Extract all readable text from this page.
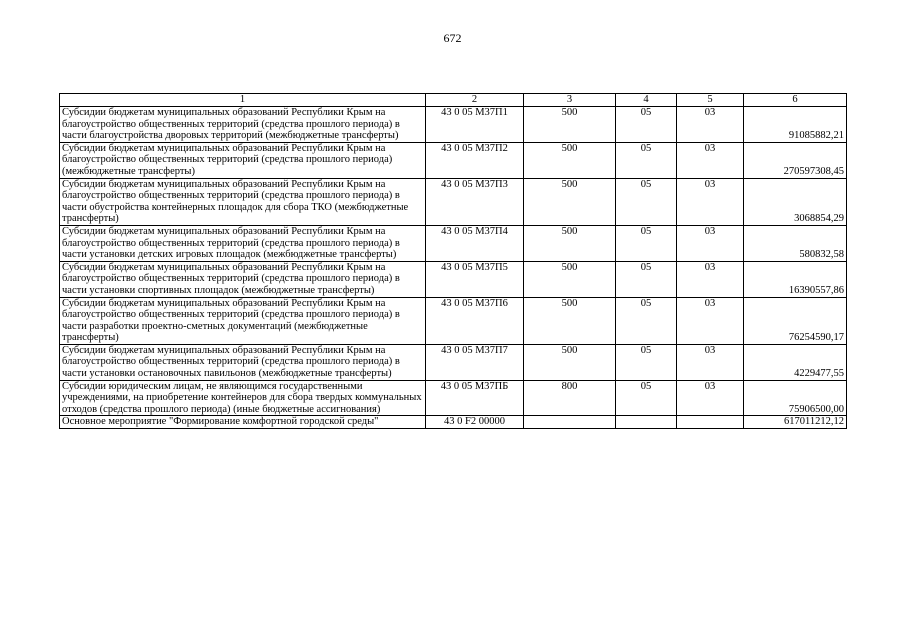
672
1	2	3	4	5	6
Субсидии бюджетам муниципальных образований Республики Крым на благоустройство общественных территорий (средства прошлого периода) в части благоустройства дворовых территорий (межбюджетные трансферты)	43 0 05 М37П1	500	05	03	91085882,21
Субсидии бюджетам муниципальных образований Республики Крым на благоустройство общественных территорий (средства прошлого периода) (межбюджетные трансферты)	43 0 05 М37П2	500	05	03	270597308,45
Субсидии бюджетам муниципальных образований Республики Крым на благоустройство общественных территорий (средства прошлого периода) в части обустройства контейнерных площадок для сбора ТКО (межбюджетные трансферты)	43 0 05 М37П3	500	05	03	3068854,29
Субсидии бюджетам муниципальных образований Республики Крым на благоустройство общественных территорий (средства прошлого периода) в части установки детских игровых площадок (межбюджетные трансферты)	43 0 05 М37П4	500	05	03	580832,58
Субсидии бюджетам муниципальных образований Республики Крым на благоустройство общественных территорий (средства прошлого периода) в части установки спортивных площадок (межбюджетные трансферты)	43 0 05 М37П5	500	05	03	16390557,86
Субсидии бюджетам муниципальных образований Республики Крым на благоустройство общественных территорий (средства прошлого периода) в части разработки проектно-сметных документаций (межбюджетные трансферты)	43 0 05 М37П6	500	05	03	76254590,17
Субсидии бюджетам муниципальных образований Республики Крым на благоустройство общественных территорий (средства прошлого периода) в части установки остановочных павильонов (межбюджетные трансферты)	43 0 05 М37П7	500	05	03	4229477,55
Субсидии юридическим лицам, не являющимся государственными учреждениями, на приобретение контейнеров для сбора твердых коммунальных отходов (средства прошлого периода) (иные бюджетные ассигнования)	43 0 05 М37ПБ	800	05	03	75906500,00
Основное мероприятие "Формирование комфортной городской среды"	43 0 F2 00000				617011212,12
